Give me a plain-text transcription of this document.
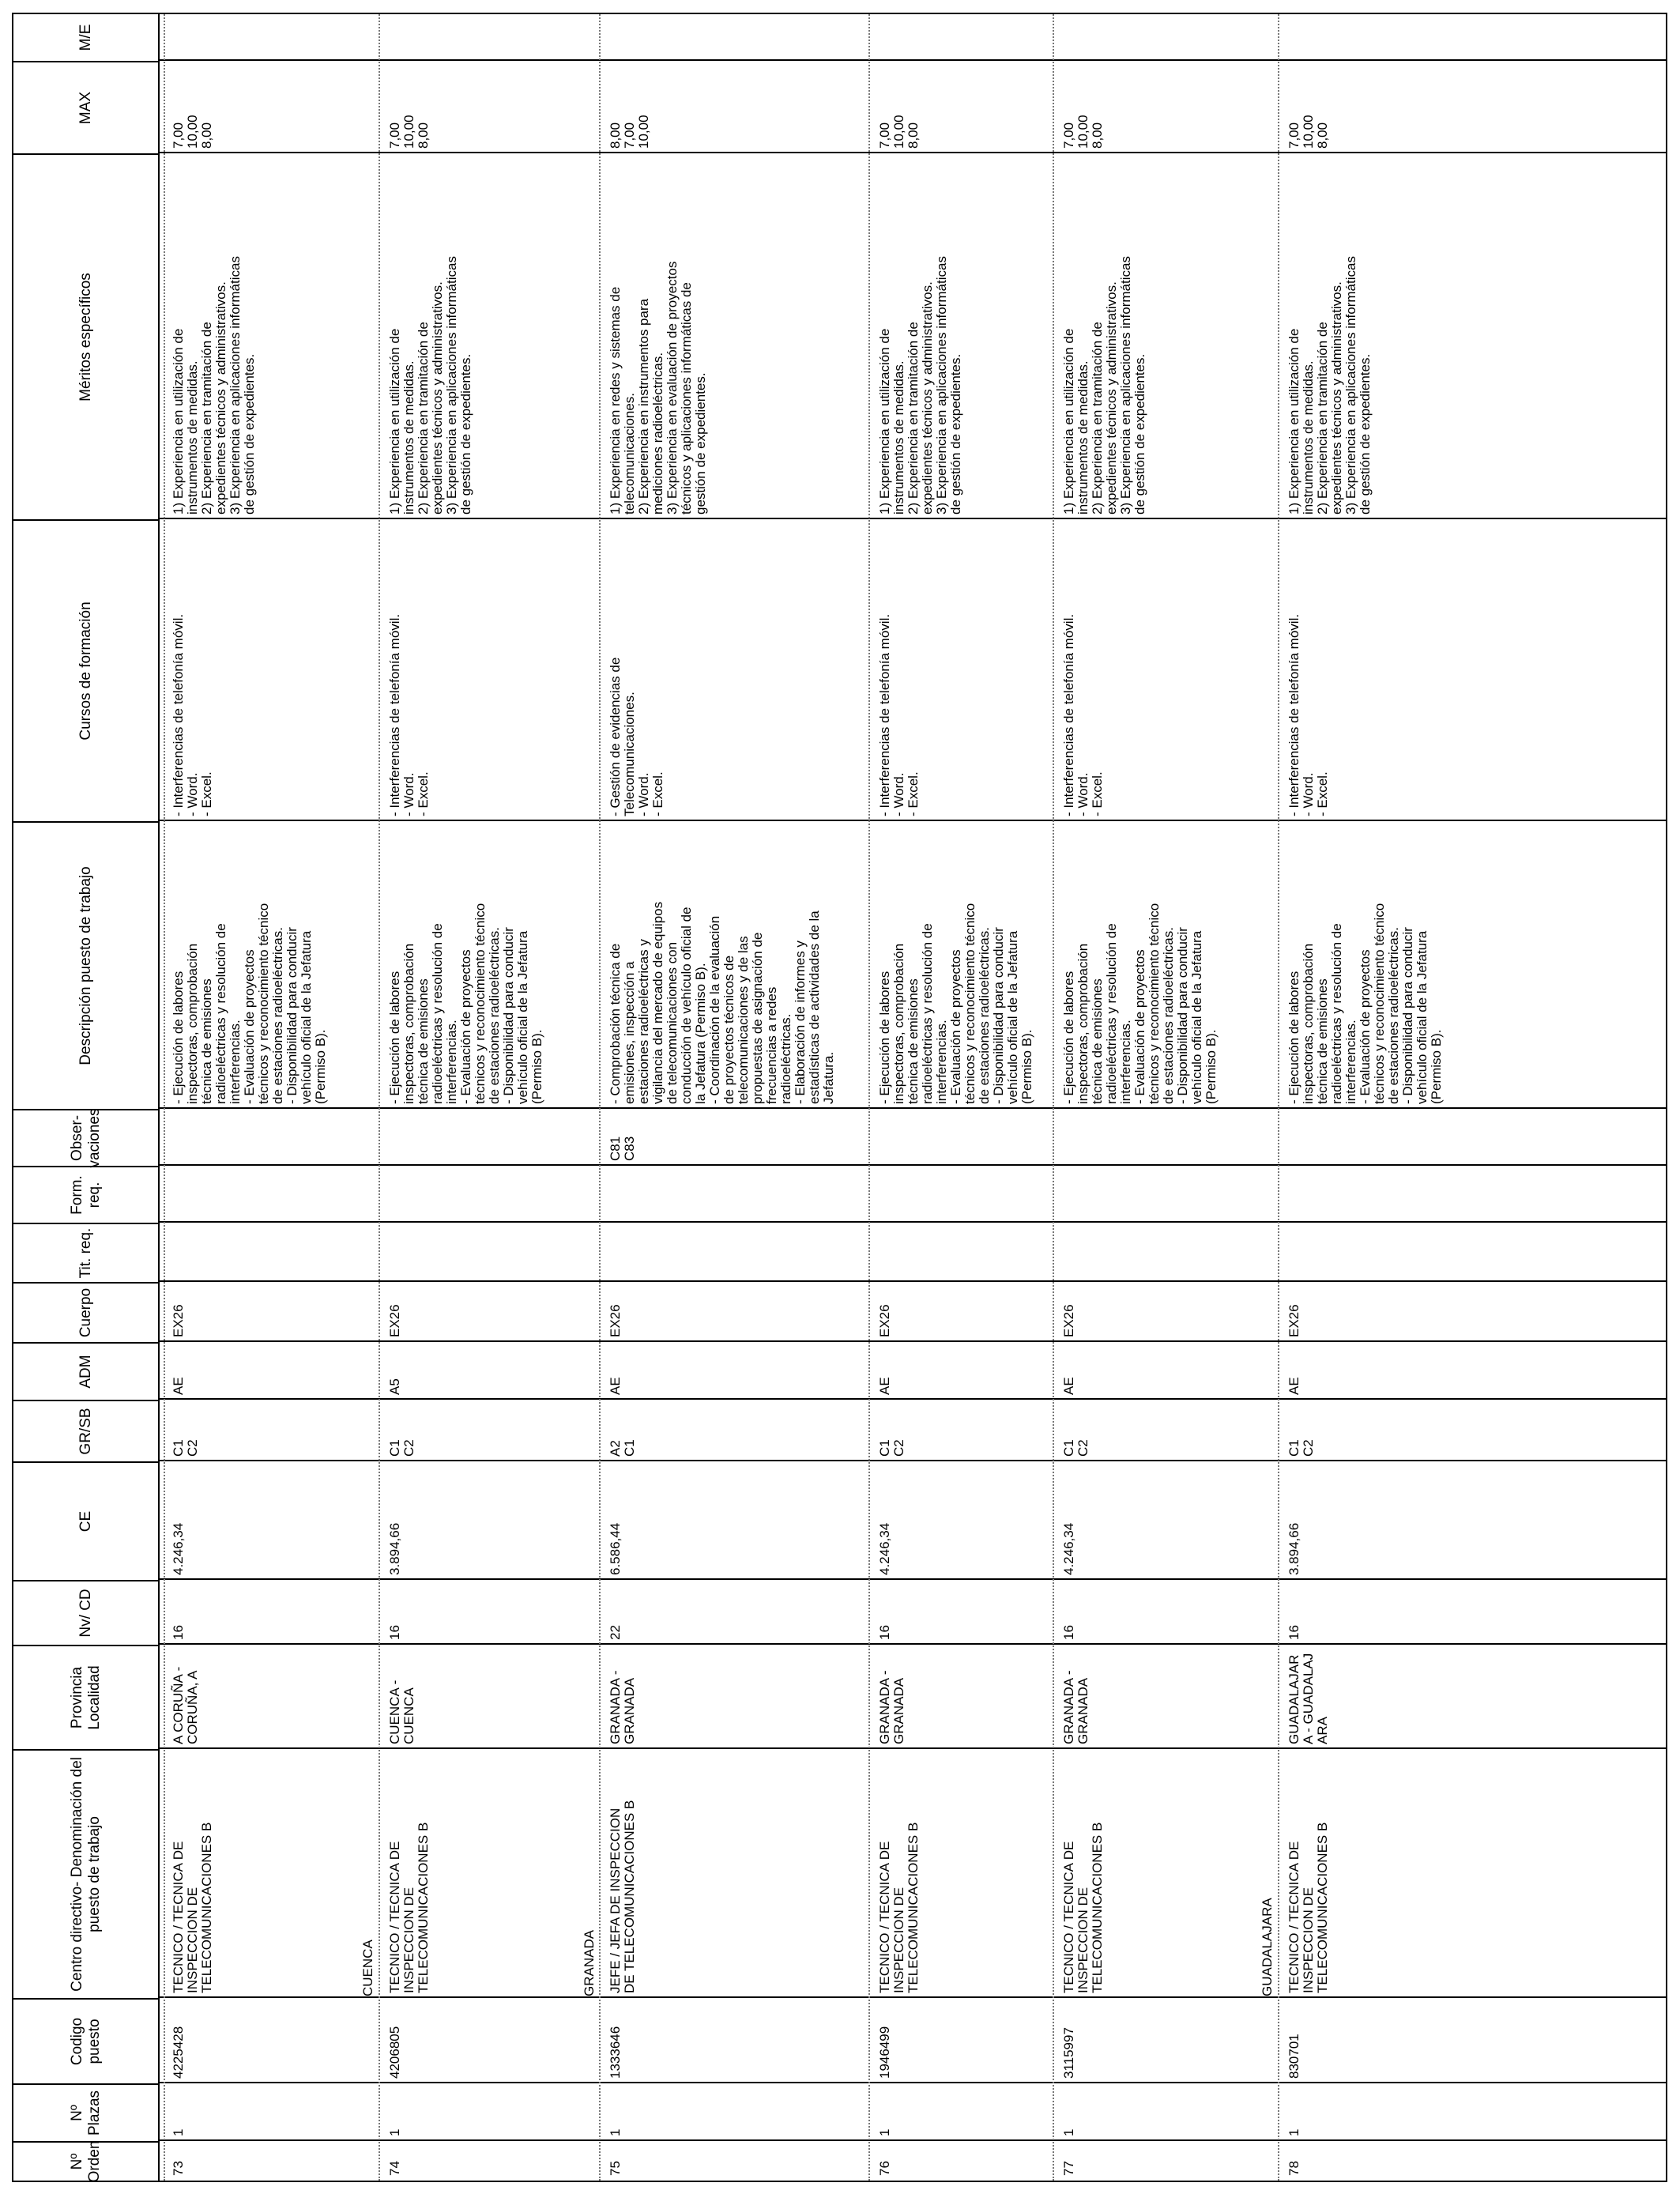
Nº Orden
Nº Plazas
Codigo puesto
Centro directivo- Denominación del puesto de trabajo
Provincia Localidad
Nv/ CD
CE
GR/SB
ADM
Cuerpo
Tit. req.
Form. req.
Obser- vaciones
Descripción puesto de trabajo
Cursos de formación
Méritos específicos
MAX
M/E
CUENCA	GRANADA	GUADALAJARA
73
1
4225428
TECNICO / TECNICA DE
INSPECCION DE
TELECOMUNICACIONES B
A CORUÑA -
CORUÑA, A
16
4.246,34
C1
C2
AE
EX26
- Ejecución de labores
inspectoras, comprobación
técnica de emisiones
radioeléctricas y resolución de
interferencias.
- Evaluación de proyectos
técnicos y reconocimiento técnico
de estaciones radioeléctricas.
- Disponibilidad para conducir
vehículo oficial de la Jefatura
(Permiso B).
- Interferencias de telefonía móvil.
- Word.
- Excel.
1) Experiencia en utilización de
instrumentos de medidas.
2) Experiencia en tramitación de
expedientes técnicos y administrativos.
3) Experiencia en aplicaciones informáticas
de gestión de expedientes.
7,00
10,00
8,00
74
1
4206805
TECNICO / TECNICA DE
INSPECCION DE
TELECOMUNICACIONES B
CUENCA -
CUENCA
16
3.894,66
C1
C2
A5
EX26
- Ejecución de labores
inspectoras, comprobación
técnica de emisiones
radioeléctricas y resolución de
interferencias.
- Evaluación de proyectos
técnicos y reconocimiento técnico
de estaciones radioeléctricas.
- Disponibilidad para conducir
vehículo oficial de la Jefatura
(Permiso B).
- Interferencias de telefonía móvil.
- Word.
- Excel.
1) Experiencia en utilización de
instrumentos de medidas.
2) Experiencia en tramitación de
expedientes técnicos y administrativos.
3) Experiencia en aplicaciones informáticas
de gestión de expedientes.
7,00
10,00
8,00
75
1
1333646
JEFE / JEFA DE INSPECCION
DE TELECOMUNICACIONES B
GRANADA -
GRANADA
22
6.586,44
A2
C1
AE
EX26
C81
C83
- Comprobación técnica de
emisiones, inspección a
estaciones radioeléctricas y
vigilancia del mercado de equipos
de telecomunicaciones con
conducción de vehículo oficial de
la Jefatura (Permiso B).
- Coordinación de la evaluación
de proyectos técnicos de
telecomunicaciones y de las
propuestas de asignación de
frecuencias a redes
radioeléctricas.
- Elaboración de informes y
estadísticas de actividades de la
Jefatura.
- Gestión de evidencias de
Telecomunicaciones.
- Word.
- Excel.
1) Experiencia en redes y sistemas de
telecomunicaciones.
2) Experiencia en instrumentos para
mediciones radioeléctricas.
3) Experiencia en evaluación de proyectos
técnicos y aplicaciones informáticas de
gestión de expedientes.
8,00
7,00
10,00
76
1
1946499
TECNICO / TECNICA DE
INSPECCION DE
TELECOMUNICACIONES B
GRANADA -
GRANADA
16
4.246,34
C1
C2
AE
EX26
- Ejecución de labores
inspectoras, comprobación
técnica de emisiones
radioeléctricas y resolución de
interferencias.
- Evaluación de proyectos
técnicos y reconocimiento técnico
de estaciones radioeléctricas.
- Disponibilidad para conducir
vehículo oficial de la Jefatura
(Permiso B).
- Interferencias de telefonía móvil.
- Word.
- Excel.
1) Experiencia en utilización de
instrumentos de medidas.
2) Experiencia en tramitación de
expedientes técnicos y administrativos.
3) Experiencia en aplicaciones informáticas
de gestión de expedientes.
7,00
10,00
8,00
77
1
3115997
TECNICO / TECNICA DE
INSPECCION DE
TELECOMUNICACIONES B
GRANADA -
GRANADA
16
4.246,34
C1
C2
AE
EX26
- Ejecución de labores
inspectoras, comprobación
técnica de emisiones
radioeléctricas y resolución de
interferencias.
- Evaluación de proyectos
técnicos y reconocimiento técnico
de estaciones radioeléctricas.
- Disponibilidad para conducir
vehículo oficial de la Jefatura
(Permiso B).
- Interferencias de telefonía móvil.
- Word.
- Excel.
1) Experiencia en utilización de
instrumentos de medidas.
2) Experiencia en tramitación de
expedientes técnicos y administrativos.
3) Experiencia en aplicaciones informáticas
de gestión de expedientes.
7,00
10,00
8,00
78
1
830701
TECNICO / TECNICA DE
INSPECCION DE
TELECOMUNICACIONES B
GUADALAJAR
A - GUADALAJ
ARA
16
3.894,66
C1
C2
AE
EX26
- Ejecución de labores
inspectoras, comprobación
técnica de emisiones
radioeléctricas y resolución de
interferencias.
- Evaluación de proyectos
técnicos y reconocimiento técnico
de estaciones radioeléctricas.
- Disponibilidad para conducir
vehículo oficial de la Jefatura
(Permiso B).
- Interferencias de telefonía móvil.
- Word.
- Excel.
1) Experiencia en utilización de
instrumentos de medidas.
2) Experiencia en tramitación de
expedientes técnicos y administrativos.
3) Experiencia en aplicaciones informáticas
de gestión de expedientes.
7,00
10,00
8,00
